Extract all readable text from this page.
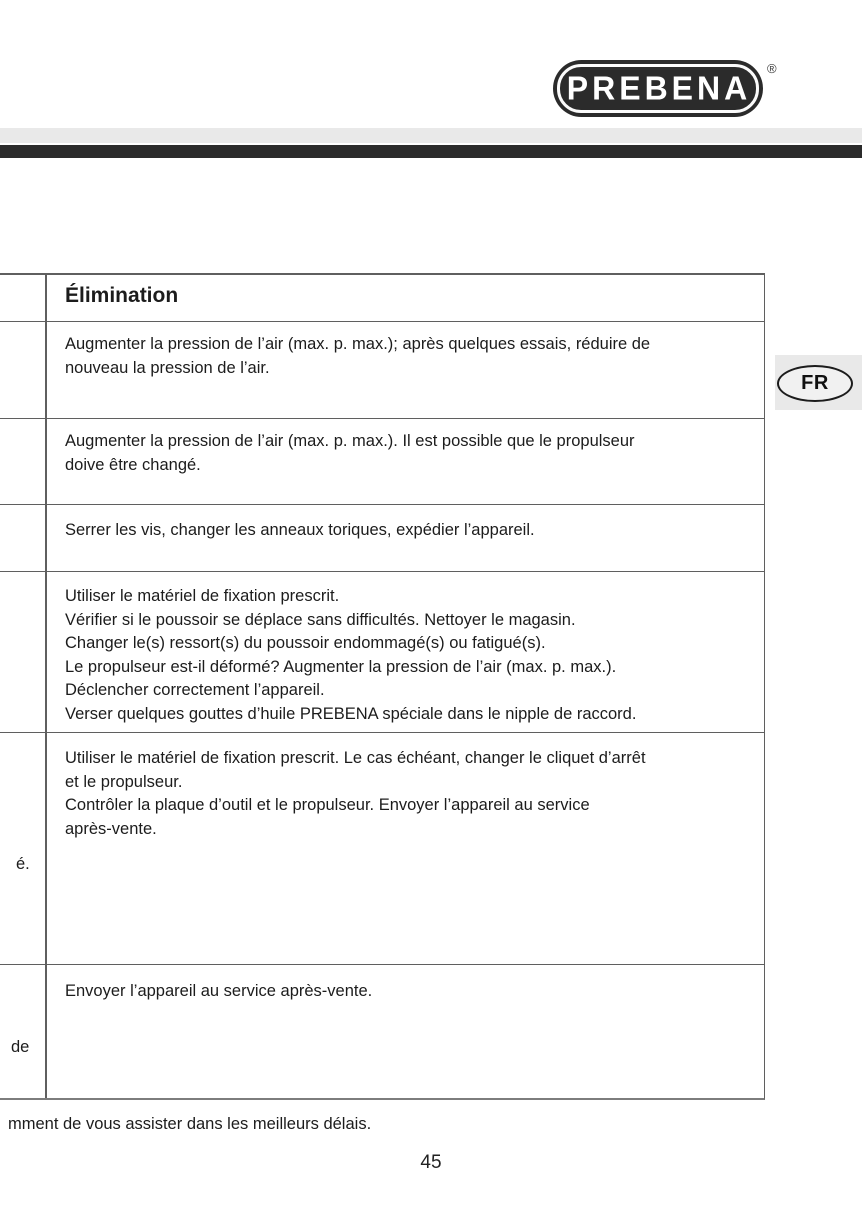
PREBENA
®
FR
Élimination
Augmenter la pression de l’air (max. p. max.); après quelques essais, réduire de
nouveau la pression de l’air.
Augmenter la pression de l’air (max. p. max.). Il est possible que le propulseur
doive être changé.
Serrer les vis, changer les anneaux toriques, expédier l’appareil.
Utiliser le matériel de fixation prescrit.
Vérifier si le poussoir se déplace sans difficultés. Nettoyer le magasin.
Changer le(s) ressort(s) du poussoir endommagé(s) ou fatigué(s).
Le propulseur est-il déformé? Augmenter la pression de l’air (max. p. max.).
Déclencher correctement l’appareil.
Verser quelques gouttes d’huile PREBENA spéciale dans le nipple de raccord.
Utiliser le matériel de fixation prescrit. Le cas échéant, changer le cliquet d’arrêt
et le propulseur.
Contrôler la plaque d’outil et le propulseur. Envoyer l’appareil au service
après-vente.
Envoyer l’appareil au service après-vente.
é.
de
mment de vous assister dans les meilleurs délais.
45
